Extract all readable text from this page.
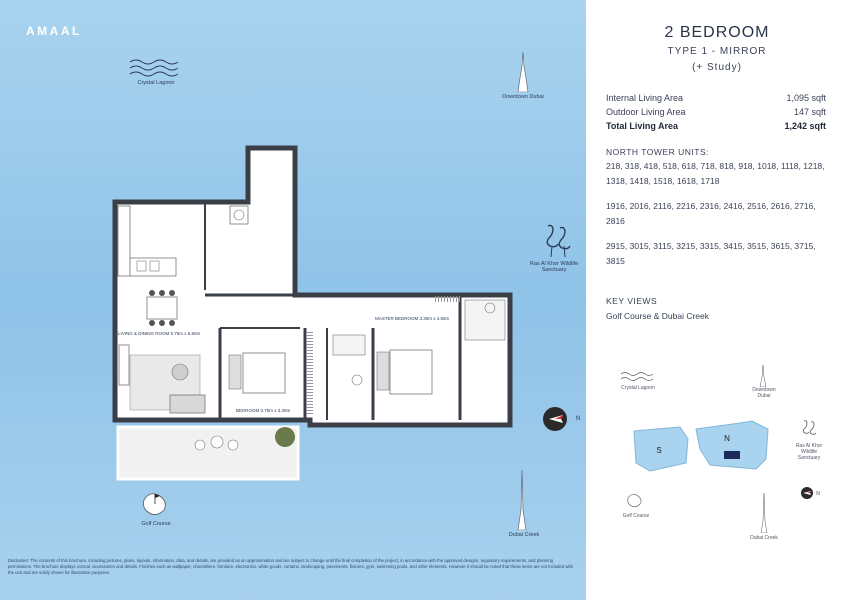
AMAAL
Crystal Lagoon
Downtown Dubai
Ras Al Khor Wildlife Sanctuary
LIVING & DINING ROOM 5.75m x 6.50m
BEDROOM 3.75m x 3.30m
MASTER BEDROOM 3.30m x 4.65m
N
Golf Course
Dubai Creek
Disclaimer: The contents of this brochure, including pictures, plans, layouts, information, data, and details, are provided as an approximation and are subject to change until the final completion of the project, in accordance with the approved designs, regulatory requirements, and planning permissions. The brochure displays normal, accessories and details. Finishes such as wallpaper, chandeliers, furniture, electronics, white goods, curtains, landscaping, pavements, fixtures, gym, swimming pools, and other elements. However it should be noted that these items are not included with the unit and are solely shown for illustrative purposes.
2 BEDROOM
TYPE 1 - MIRROR
(+ Study)
Internal Living Area	1,095 sqft
Outdoor Living Area	147 sqft
Total Living Area	1,242 sqft
NORTH TOWER UNITS:
218, 318, 418, 518, 618, 718, 818, 918, 1018, 1118, 1218, 1318, 1418, 1518, 1618, 1718
1916, 2016, 2116, 2216, 2316, 2416, 2516, 2616, 2716, 2816
2915, 3015, 3115, 3215, 3315, 3415, 3515, 3615, 3715, 3815
KEY VIEWS
Golf Course & Dubai Creek
Crystal Lagoon	Downtown Dubai
S
N
Ras Al Khor Wildlife Sanctuary
N
Golf Course
Dubai Creek
